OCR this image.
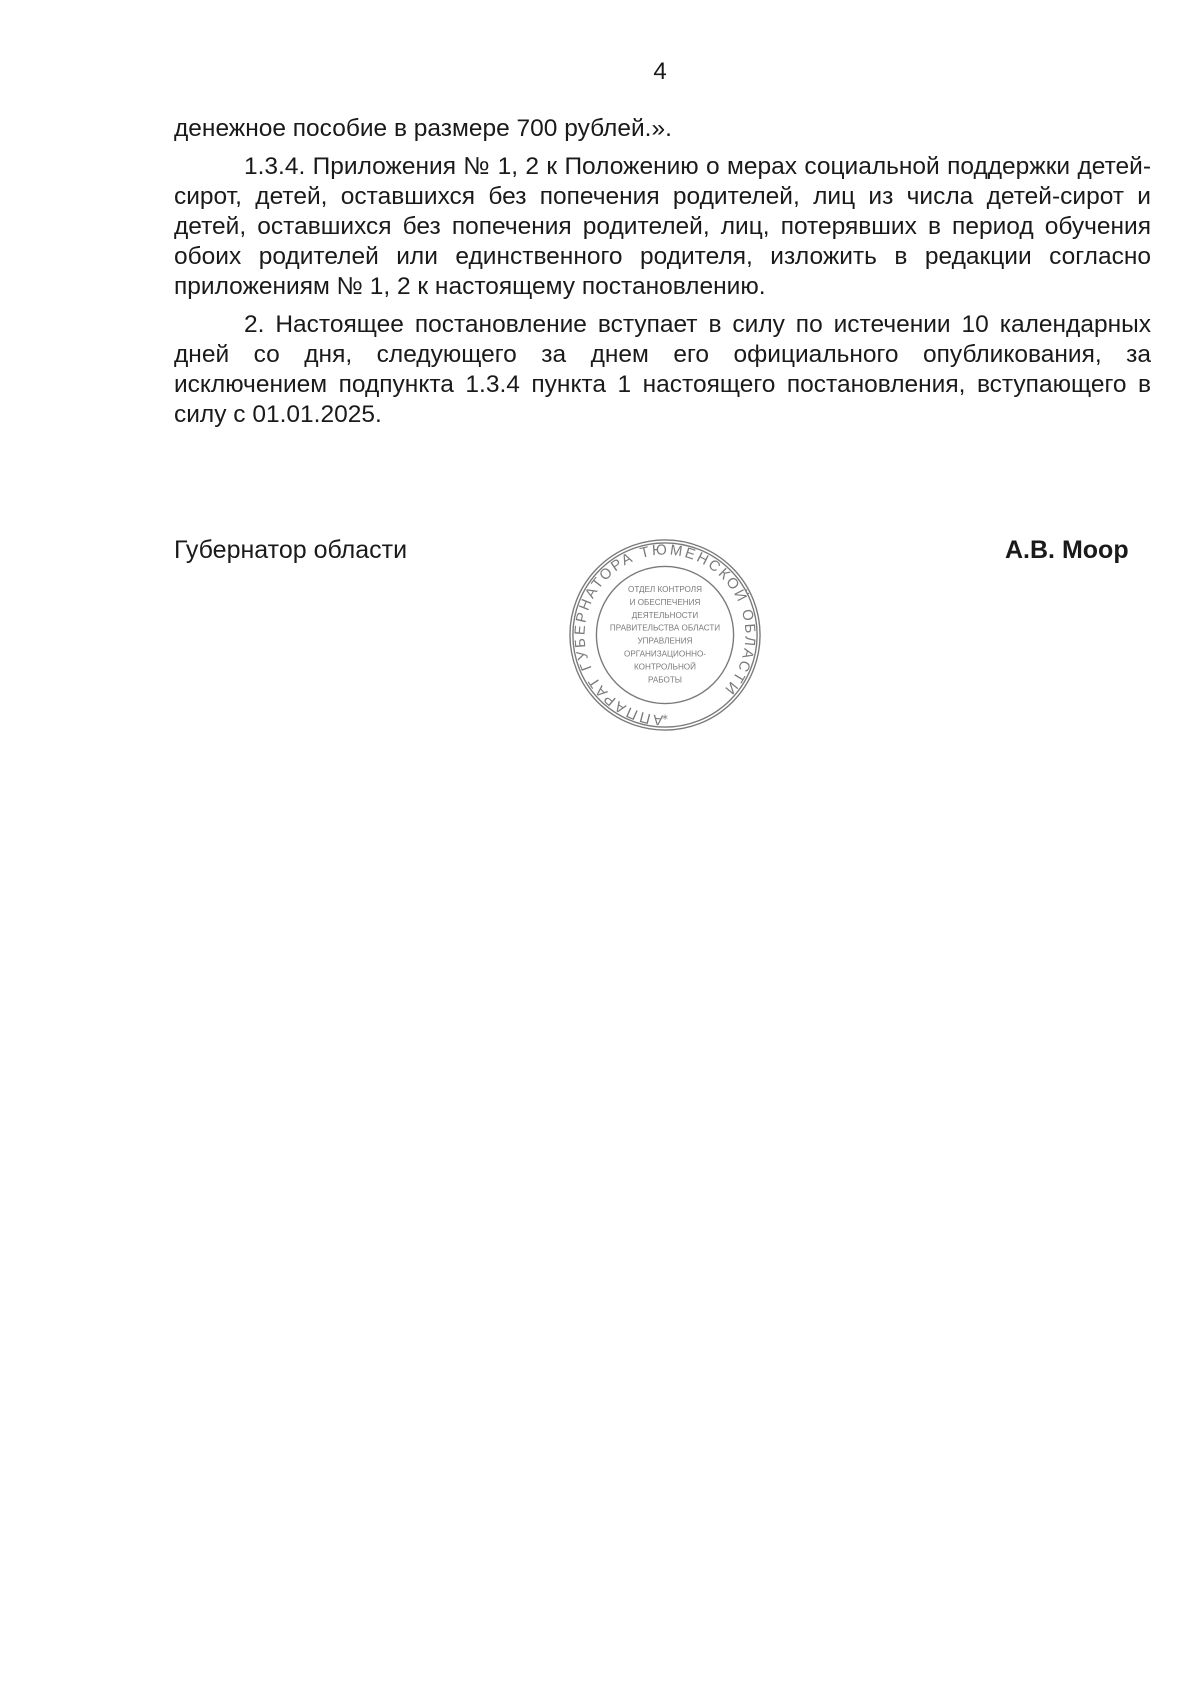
4

денежное пособие в размере 700 рублей.».

1.3.4. Приложения № 1, 2 к Положению о мерах социальной поддержки детей-сирот, детей, оставшихся без попечения родителей, лиц из числа детей-сирот и детей, оставшихся без попечения родителей, лиц, потерявших в период обучения обоих родителей или единственного родителя, изложить в редакции согласно приложениям № 1, 2 к настоящему постановлению.

2. Настоящее постановление вступает в силу по истечении 10 календарных дней со дня, следующего за днем его официального опубликования, за исключением подпункта 1.3.4 пункта 1 настоящего постановления, вступающего в силу с 01.01.2025.

Губернатор области
АППАРАТ ГУБЕРНАТОРА ТЮМЕНСКОЙ ОБЛАСТИ
*
ОТДЕЛ КОНТРОЛЯ
И ОБЕСПЕЧЕНИЯ
ДЕЯТЕЛЬНОСТИ
ПРАВИТЕЛЬСТВА ОБЛАСТИ
УПРАВЛЕНИЯ
ОРГАНИЗАЦИОННО-
КОНТРОЛЬНОЙ
РАБОТЫ
А.В. Моор
